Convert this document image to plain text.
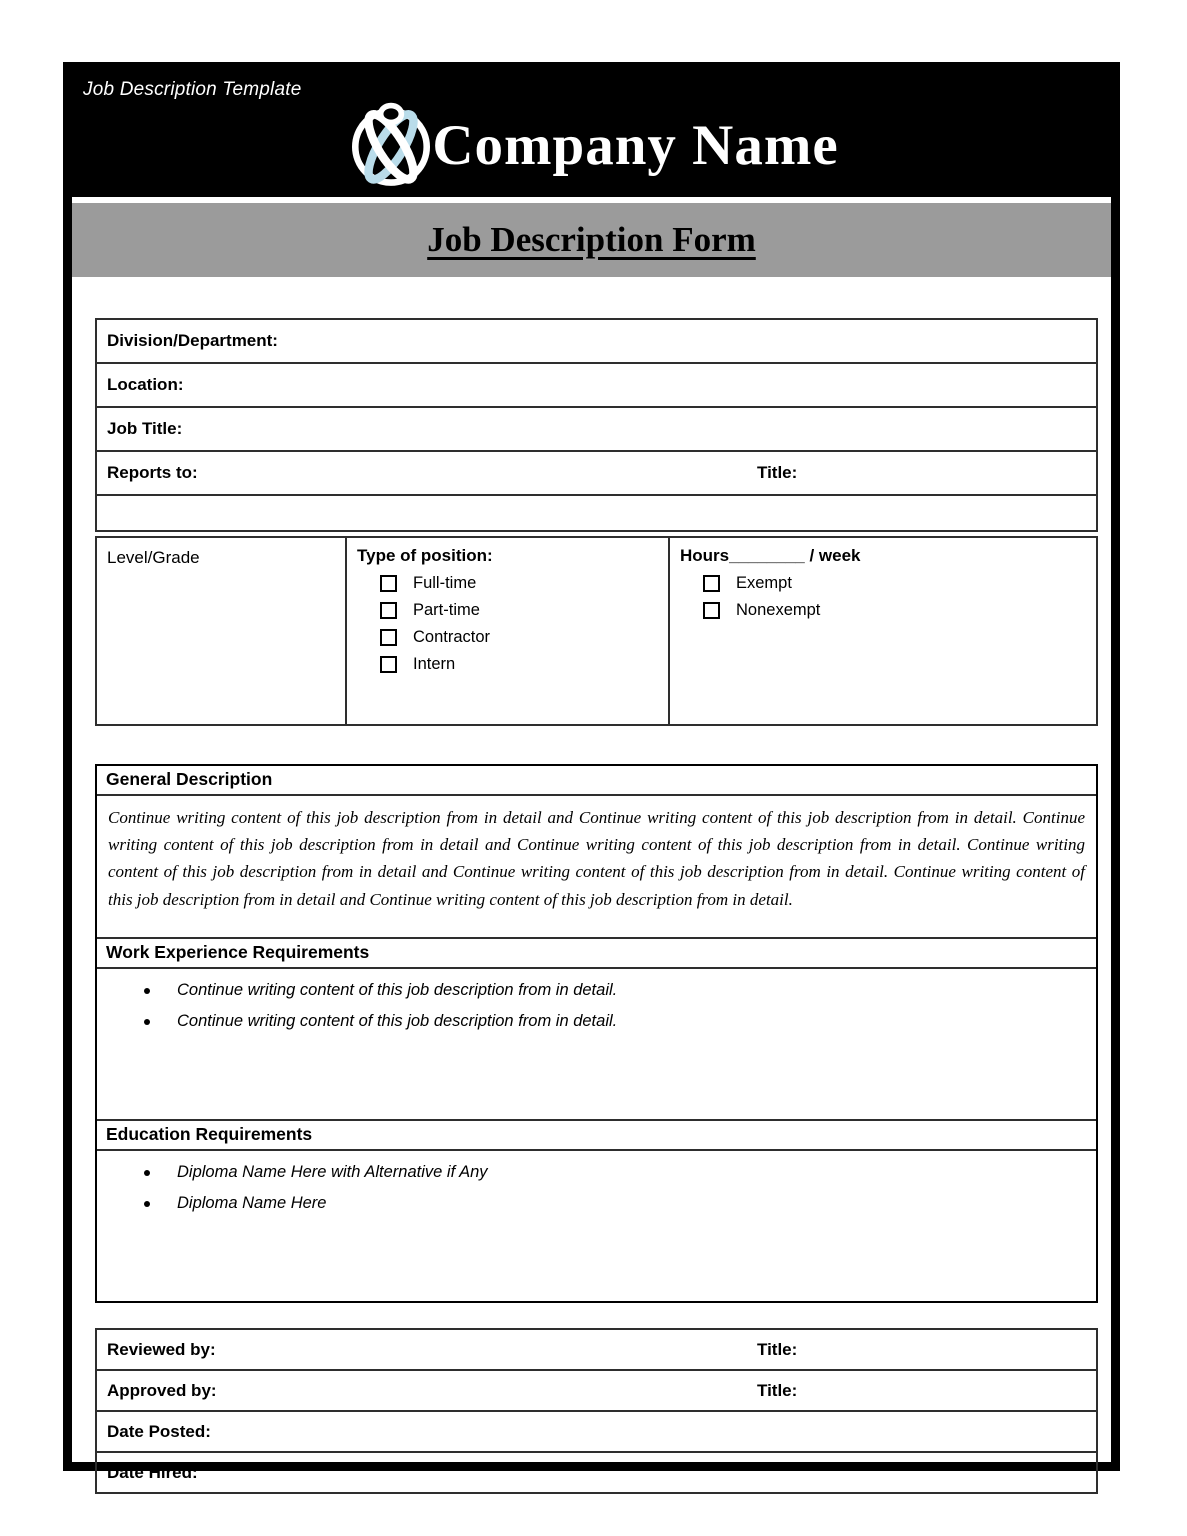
Job Description Template
Company Name
Job Description Form
Division/Department:
Location:
Job Title:
Reports to:	Title:

Level/Grade	Type of position:
Full-time
Part-time
Contractor
Intern

Hours________ / week
Exempt
Nonexempt
General Description
Continue writing content of this job description from in detail and Continue writing content of this job description from in detail. Continue writing content of this job description from in detail and Continue writing content of this job description from in detail. Continue writing content of this job description from in detail and Continue writing content of this job description from in detail. Continue writing content of this job description from in detail and Continue writing content of this job description from in detail.
Work Experience Requirements
Continue writing content of this job description from in detail.
Continue writing content of this job description from in detail.
Education Requirements
Diploma Name Here with Alternative if Any
Diploma Name Here
Reviewed by:	Title:

Approved by:	Title:

Date Posted:
Date Hired:
